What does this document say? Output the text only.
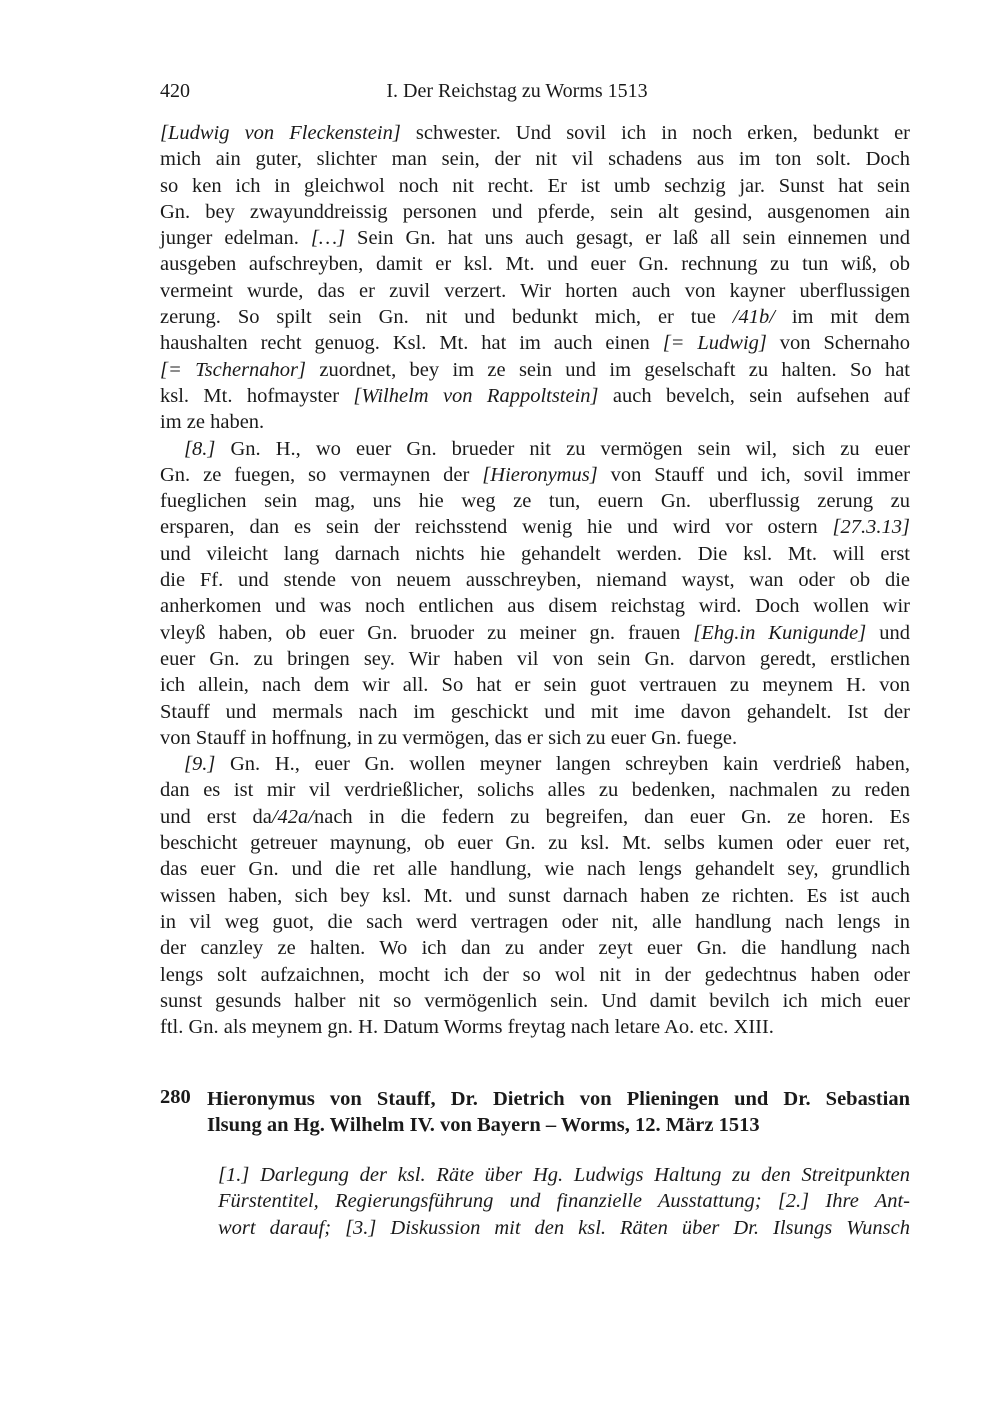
420	I. Der Reichstag zu Worms 1513
[Ludwig von Fleckenstein] schwester. Und sovil ich in noch erken, bedunkt er
mich ain guter, slichter man sein, der nit vil schadens aus im ton solt. Doch
so ken ich in gleichwol noch nit recht. Er ist umb sechzig jar. Sunst hat sein
Gn. bey zwayunddreissig personen und pferde, sein alt gesind, ausgenomen ain
junger edelman. […] Sein Gn. hat uns auch gesagt, er laß all sein einnemen und
ausgeben aufschreyben, damit er ksl. Mt. und euer Gn. rechnung zu tun wiß, ob
vermeint wurde, das er zuvil verzert. Wir horten auch von kayner uberflussigen
zerung. So spilt sein Gn. nit und bedunkt mich, er tue /41b/ im mit dem
haushalten recht genuog. Ksl. Mt. hat im auch einen [= Ludwig] von Schernaho
[= Tschernahor] zuordnet, bey im ze sein und im geselschaft zu halten. So hat
ksl. Mt. hofmayster [Wilhelm von Rappoltstein] auch bevelch, sein aufsehen auf
im ze haben.
[8.] Gn. H., wo euer Gn. brueder nit zu vermögen sein wil, sich zu euer
Gn. ze fuegen, so vermaynen der [Hieronymus] von Stauff und ich, sovil immer
fueglichen sein mag, uns hie weg ze tun, euern Gn. uberflussig zerung zu
ersparen, dan es sein der reichsstend wenig hie und wird vor ostern [27.3.13]
und vileicht lang darnach nichts hie gehandelt werden. Die ksl. Mt. will erst
die Ff. und stende von neuem ausschreyben, niemand wayst, wan oder ob die
anherkomen und was noch entlichen aus disem reichstag wird. Doch wollen wir
vleyß haben, ob euer Gn. bruoder zu meiner gn. frauen [Ehg.in Kunigunde] und
euer Gn. zu bringen sey. Wir haben vil von sein Gn. darvon geredt, erstlichen
ich allein, nach dem wir all. So hat er sein guot vertrauen zu meynem H. von
Stauff und mermals nach im geschickt und mit ime davon gehandelt. Ist der
von Stauff in hoffnung, in zu vermögen, das er sich zu euer Gn. fuege.
[9.] Gn. H., euer Gn. wollen meyner langen schreyben kain verdrieß haben,
dan es ist mir vil verdrießlicher, solichs alles zu bedenken, nachmalen zu reden
und erst da/42a/nach in die federn zu begreifen, dan euer Gn. ze horen. Es
beschicht getreuer maynung, ob euer Gn. zu ksl. Mt. selbs kumen oder euer ret,
das euer Gn. und die ret alle handlung, wie nach lengs gehandelt sey, grundlich
wissen haben, sich bey ksl. Mt. und sunst darnach haben ze richten. Es ist auch
in vil weg guot, die sach werd vertragen oder nit, alle handlung nach lengs in
der canzley ze halten. Wo ich dan zu ander zeyt euer Gn. die handlung nach
lengs solt aufzaichnen, mocht ich der so wol nit in der gedechtnus haben oder
sunst gesunds halber nit so vermögenlich sein. Und damit bevilch ich mich euer
ftl. Gn. als meynem gn. H. Datum Worms freytag nach letare Ao. etc. XIII.
280 Hieronymus von Stauff, Dr. Dietrich von Plieningen und Dr. Sebastian
Ilsung an Hg. Wilhelm IV. von Bayern – Worms, 12. März 1513
[1.] Darlegung der ksl. Räte über Hg. Ludwigs Haltung zu den Streitpunkten
Fürstentitel, Regierungsführung und finanzielle Ausstattung; [2.] Ihre Ant-
wort darauf; [3.] Diskussion mit den ksl. Räten über Dr. Ilsungs Wunsch
